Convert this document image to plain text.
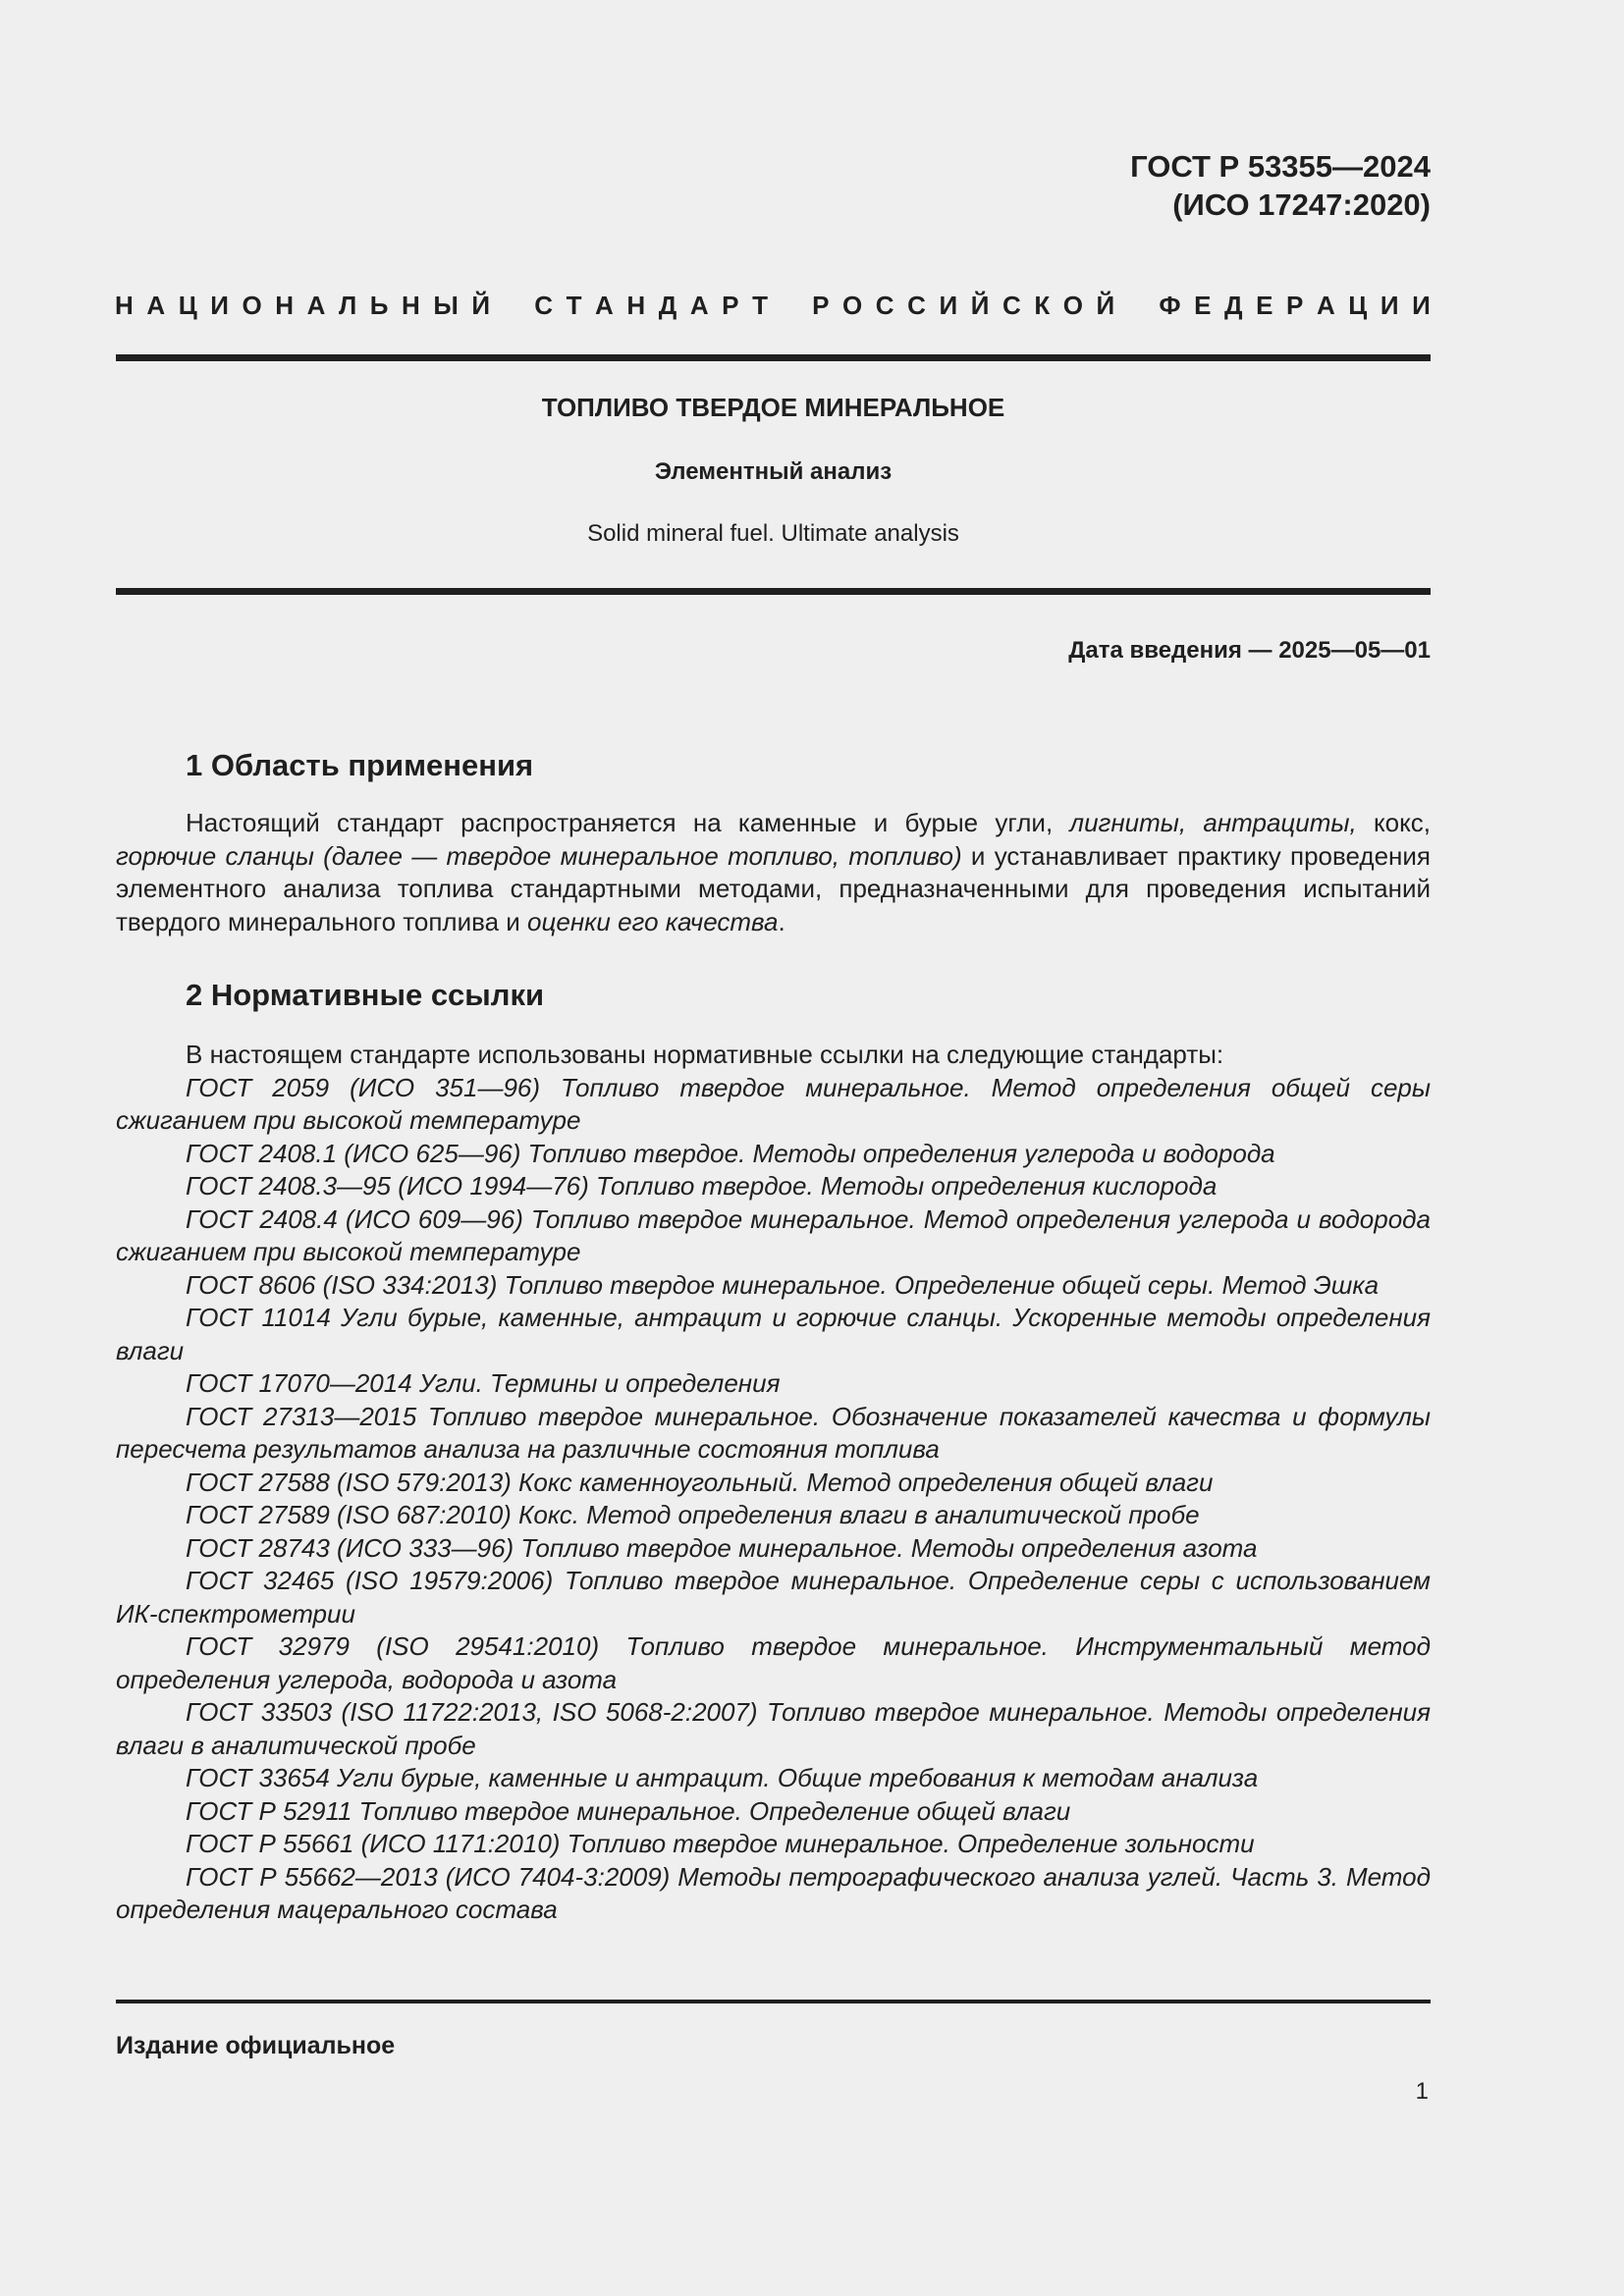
ГОСТ Р 53355—2024
(ИСО 17247:2020)
Н А Ц И О Н А Л Ь Н Ы Й С Т А Н Д А Р Т Р О С С И Й С К О Й Ф Е Д Е Р А Ц И И
ТОПЛИВО ТВЕРДОЕ МИНЕРАЛЬНОЕ
Элементный анализ
Solid mineral fuel. Ultimate analysis
Дата введения — 2025—05—01
1 Область применения

Настоящий стандарт распространяется на каменные и бурые угли, лигниты, антрациты, кокс, горючие сланцы (далее — твердое минеральное топливо, топливо) и устанавливает практику проведения элементного анализа топлива стандартными методами, предназначенными для проведения испытаний твердого минерального топлива и оценки его качества.

2 Нормативные ссылки

В настоящем стандарте использованы нормативные ссылки на следующие стандарты:

ГОСТ 2059 (ИСО 351—96) Топливо твердое минеральное. Метод определения общей серы сжиганием при высокой температуре

ГОСТ 2408.1 (ИСО 625—96) Топливо твердое. Методы определения углерода и водорода

ГОСТ 2408.3—95 (ИСО 1994—76) Топливо твердое. Методы определения кислорода

ГОСТ 2408.4 (ИСО 609—96) Топливо твердое минеральное. Метод определения углерода и водорода сжиганием при высокой температуре

ГОСТ 8606 (ISO 334:2013) Топливо твердое минеральное. Определение общей серы. Метод Эшка

ГОСТ 11014 Угли бурые, каменные, антрацит и горючие сланцы. Ускоренные методы определения влаги

ГОСТ 17070—2014 Угли. Термины и определения

ГОСТ 27313—2015 Топливо твердое минеральное. Обозначение показателей качества и формулы пересчета результатов анализа на различные состояния топлива

ГОСТ 27588 (ISO 579:2013) Кокс каменноугольный. Метод определения общей влаги

ГОСТ 27589 (ISO 687:2010) Кокс. Метод определения влаги в аналитической пробе

ГОСТ 28743 (ИСО 333—96) Топливо твердое минеральное. Методы определения азота

ГОСТ 32465 (ISO 19579:2006) Топливо твердое минеральное. Определение серы с использованием ИК-спектрометрии

ГОСТ 32979 (ISO 29541:2010) Топливо твердое минеральное. Инструментальный метод определения углерода, водорода и азота

ГОСТ 33503 (ISO 11722:2013, ISO 5068-2:2007) Топливо твердое минеральное. Методы определения влаги в аналитической пробе

ГОСТ 33654 Угли бурые, каменные и антрацит. Общие требования к методам анализа

ГОСТ Р 52911 Топливо твердое минеральное. Определение общей влаги

ГОСТ Р 55661 (ИСО 1171:2010) Топливо твердое минеральное. Определение зольности

ГОСТ Р 55662—2013 (ИСО 7404-3:2009) Методы петрографического анализа углей. Часть 3. Метод определения мацерального состава

Издание официальное
1
